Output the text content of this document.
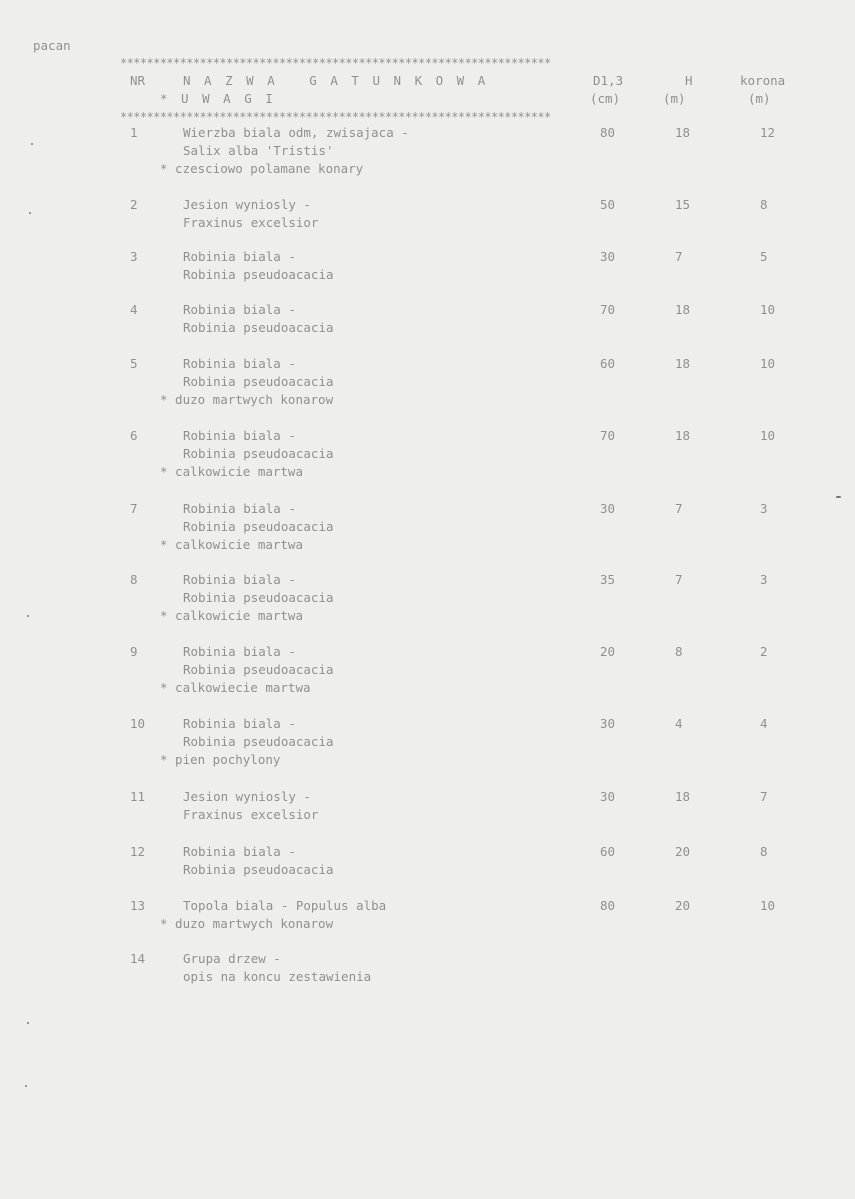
pacan
*****************************************************************
NR	N A Z W A   G A T U N K O W A
* U W A G I
D1,3
(cm)
H
(m)
korona
(m)
*****************************************************************
1	Wierzba biala odm, zwisajaca -
Salix alba 'Tristis'
* czesciowo polamane konary
80	18	12
2	Jesion wyniosly -
Fraxinus excelsior
50	15	8
3	Robinia biala -
Robinia pseudoacacia
30	7	5
4	Robinia biala -
Robinia pseudoacacia
70	18	10
5	Robinia biala -
Robinia pseudoacacia
* duzo martwych konarow
60	18	10
6	Robinia biala -
Robinia pseudoacacia
* calkowicie martwa
70	18	10
7	Robinia biala -
Robinia pseudoacacia
* calkowicie martwa
30	7	3
8	Robinia biala -
Robinia pseudoacacia
* calkowicie martwa
35	7	3
9	Robinia biala -
Robinia pseudoacacia
* calkowiecie martwa
20	8	2
10	Robinia biala -
Robinia pseudoacacia
* pien pochylony
30	4	4
11	Jesion wyniosly -
Fraxinus excelsior
30	18	7
12	Robinia biala -
Robinia pseudoacacia
60	20	8
13	Topola biala - Populus alba
* duzo martwych konarow
80	20	10
14	Grupa drzew -
opis na koncu zestawienia
